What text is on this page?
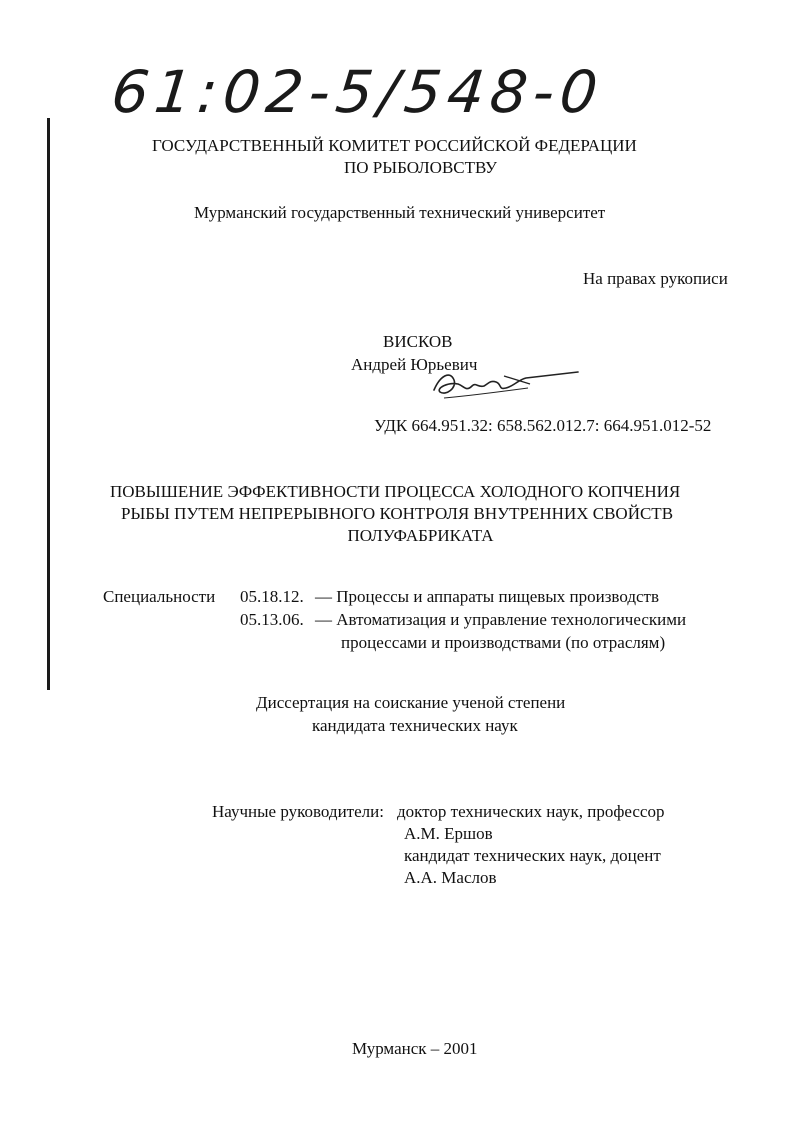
61:02-5/548-0
ГОСУДАРСТВЕННЫЙ КОМИТЕТ РОССИЙСКОЙ ФЕДЕРАЦИИ
ПО РЫБОЛОВСТВУ
Мурманский государственный технический университет
На правах рукописи
ВИСКОВ
Андрей Юрьевич
УДК 664.951.32: 658.562.012.7: 664.951.012-52
ПОВЫШЕНИЕ ЭФФЕКТИВНОСТИ ПРОЦЕССА ХОЛОДНОГО КОПЧЕНИЯ
РЫБЫ ПУТЕМ НЕПРЕРЫВНОГО КОНТРОЛЯ ВНУТРЕННИХ СВОЙСТВ
ПОЛУФАБРИКАТА
Специальности 05.18.12. — Процессы и аппараты пищевых производств
05.13.06. — Автоматизация и управление технологическими
процессами и производствами (по отраслям)
Диссертация на соискание ученой степени
кандидата технических наук
Научные руководители: доктор технических наук, профессор
А.М. Ершов
кандидат технических наук, доцент
А.А. Маслов
Мурманск – 2001
